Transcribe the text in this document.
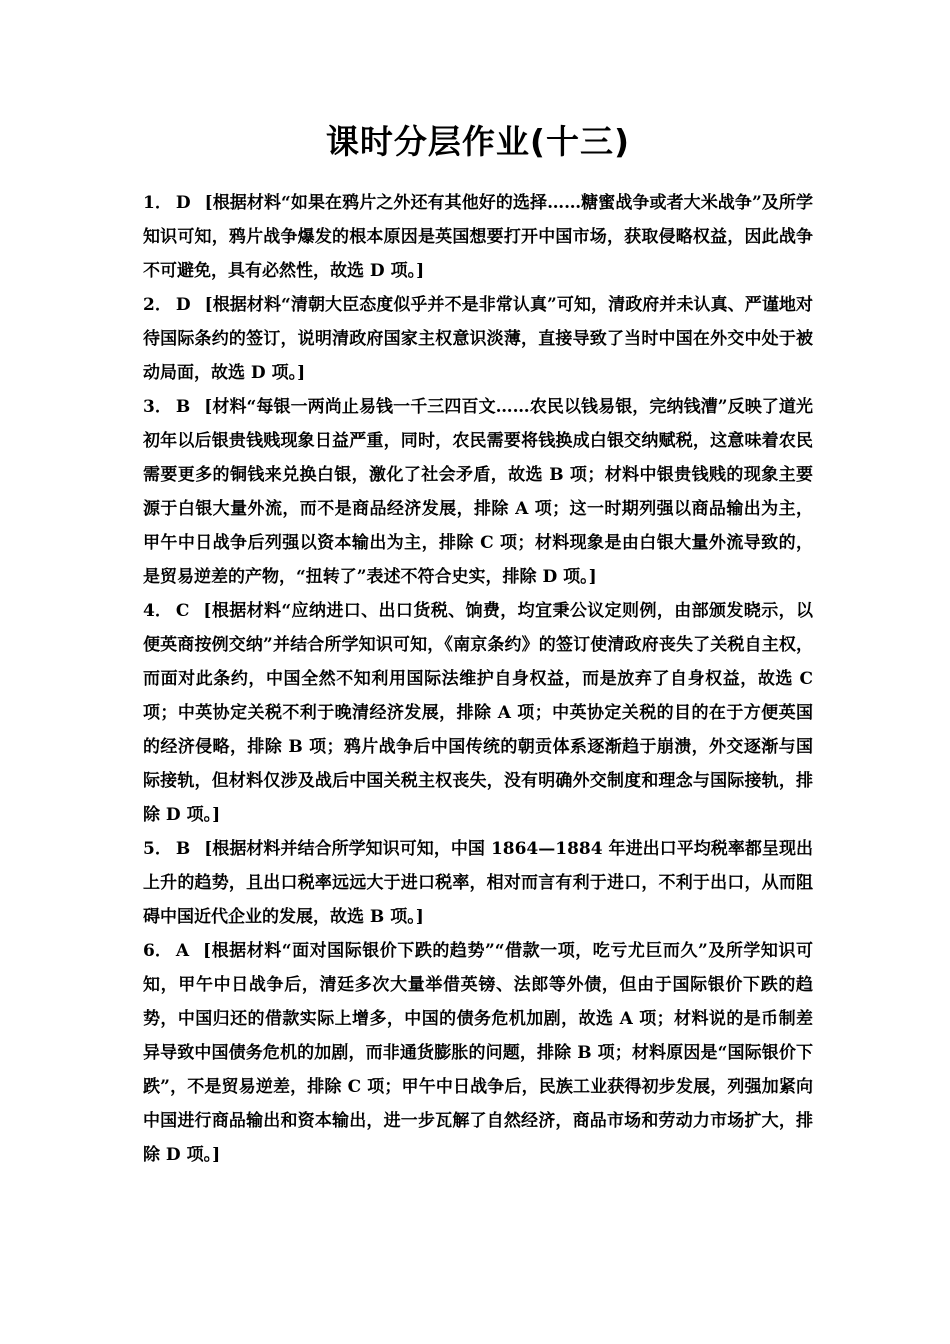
课时分层作业(十三)

1． D [根据材料“如果在鸦片之外还有其他好的选择……糖蜜战争或者大米战争”及所学知识可知，鸦片战争爆发的根本原因是英国想要打开中国市场，获取侵略权益，因此战争不可避免，具有必然性，故选 D 项。]

2． D [根据材料“清朝大臣态度似乎并不是非常认真”可知，清政府并未认真、严谨地对待国际条约的签订，说明清政府国家主权意识淡薄，直接导致了当时中国在外交中处于被动局面，故选 D 项。]

3． B [材料“每银一两尚止易钱一千三四百文……农民以钱易银，完纳钱漕”反映了道光初年以后银贵钱贱现象日益严重，同时，农民需要将钱换成白银交纳赋税，这意味着农民需要更多的铜钱来兑换白银，激化了社会矛盾，故选 B 项；材料中银贵钱贱的现象主要源于白银大量外流，而不是商品经济发展，排除 A 项；这一时期列强以商品输出为主，甲午中日战争后列强以资本输出为主，排除 C 项；材料现象是由白银大量外流导致的，是贸易逆差的产物，“扭转了”表述不符合史实，排除 D 项。]

4． C [根据材料“应纳进口、出口货税、饷费，均宜秉公议定则例，由部颁发晓示，以便英商按例交纳”并结合所学知识可知，《南京条约》的签订使清政府丧失了关税自主权，而面对此条约，中国全然不知利用国际法维护自身权益，而是放弃了自身权益，故选 C 项；中英协定关税不利于晚清经济发展，排除 A 项；中英协定关税的目的在于方便英国的经济侵略，排除 B 项；鸦片战争后中国传统的朝贡体系逐渐趋于崩溃，外交逐渐与国际接轨，但材料仅涉及战后中国关税主权丧失，没有明确外交制度和理念与国际接轨，排除 D 项。]

5． B [根据材料并结合所学知识可知，中国 1864—1884 年进出口平均税率都呈现出上升的趋势，且出口税率远远大于进口税率，相对而言有利于进口，不利于出口，从而阻碍中国近代企业的发展，故选 B 项。]

6． A [根据材料“面对国际银价下跌的趋势”“借款一项，吃亏尤巨而久”及所学知识可知，甲午中日战争后，清廷多次大量举借英镑、法郎等外债，但由于国际银价下跌的趋势，中国归还的借款实际上增多，中国的债务危机加剧，故选 A 项；材料说的是币制差异导致中国债务危机的加剧，而非通货膨胀的问题，排除 B 项；材料原因是“国际银价下跌”，不是贸易逆差，排除 C 项；甲午中日战争后，民族工业获得初步发展，列强加紧向中国进行商品输出和资本输出，进一步瓦解了自然经济，商品市场和劳动力市场扩大，排除 D 项。]
